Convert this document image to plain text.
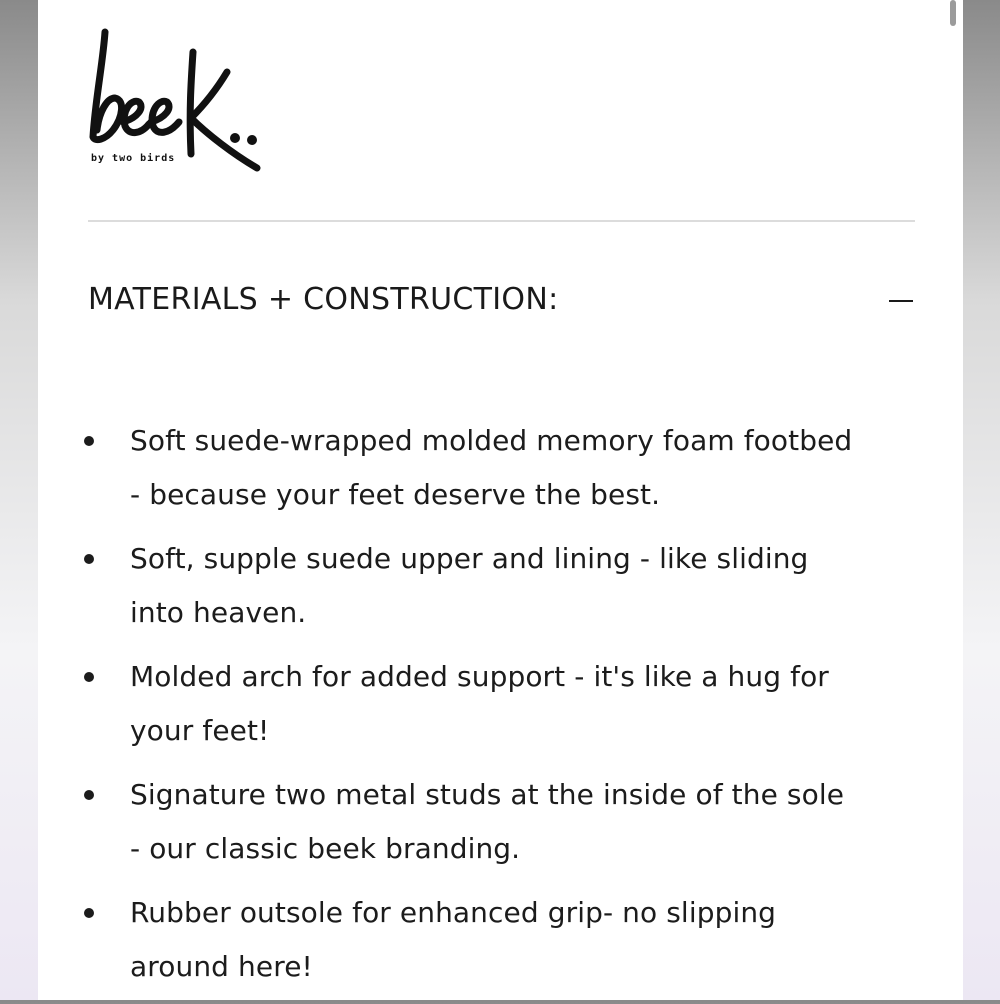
by two birds
MATERIALS + CONSTRUCTION:
Soft suede-wrapped molded memory foam footbed
- because your feet deserve the best.
Soft, supple suede upper and lining - like sliding
into heaven.
Molded arch for added support - it's like a hug for
your feet!
Signature two metal studs at the inside of the sole
- our classic beek branding.
Rubber outsole for enhanced grip- no slipping
around here!
